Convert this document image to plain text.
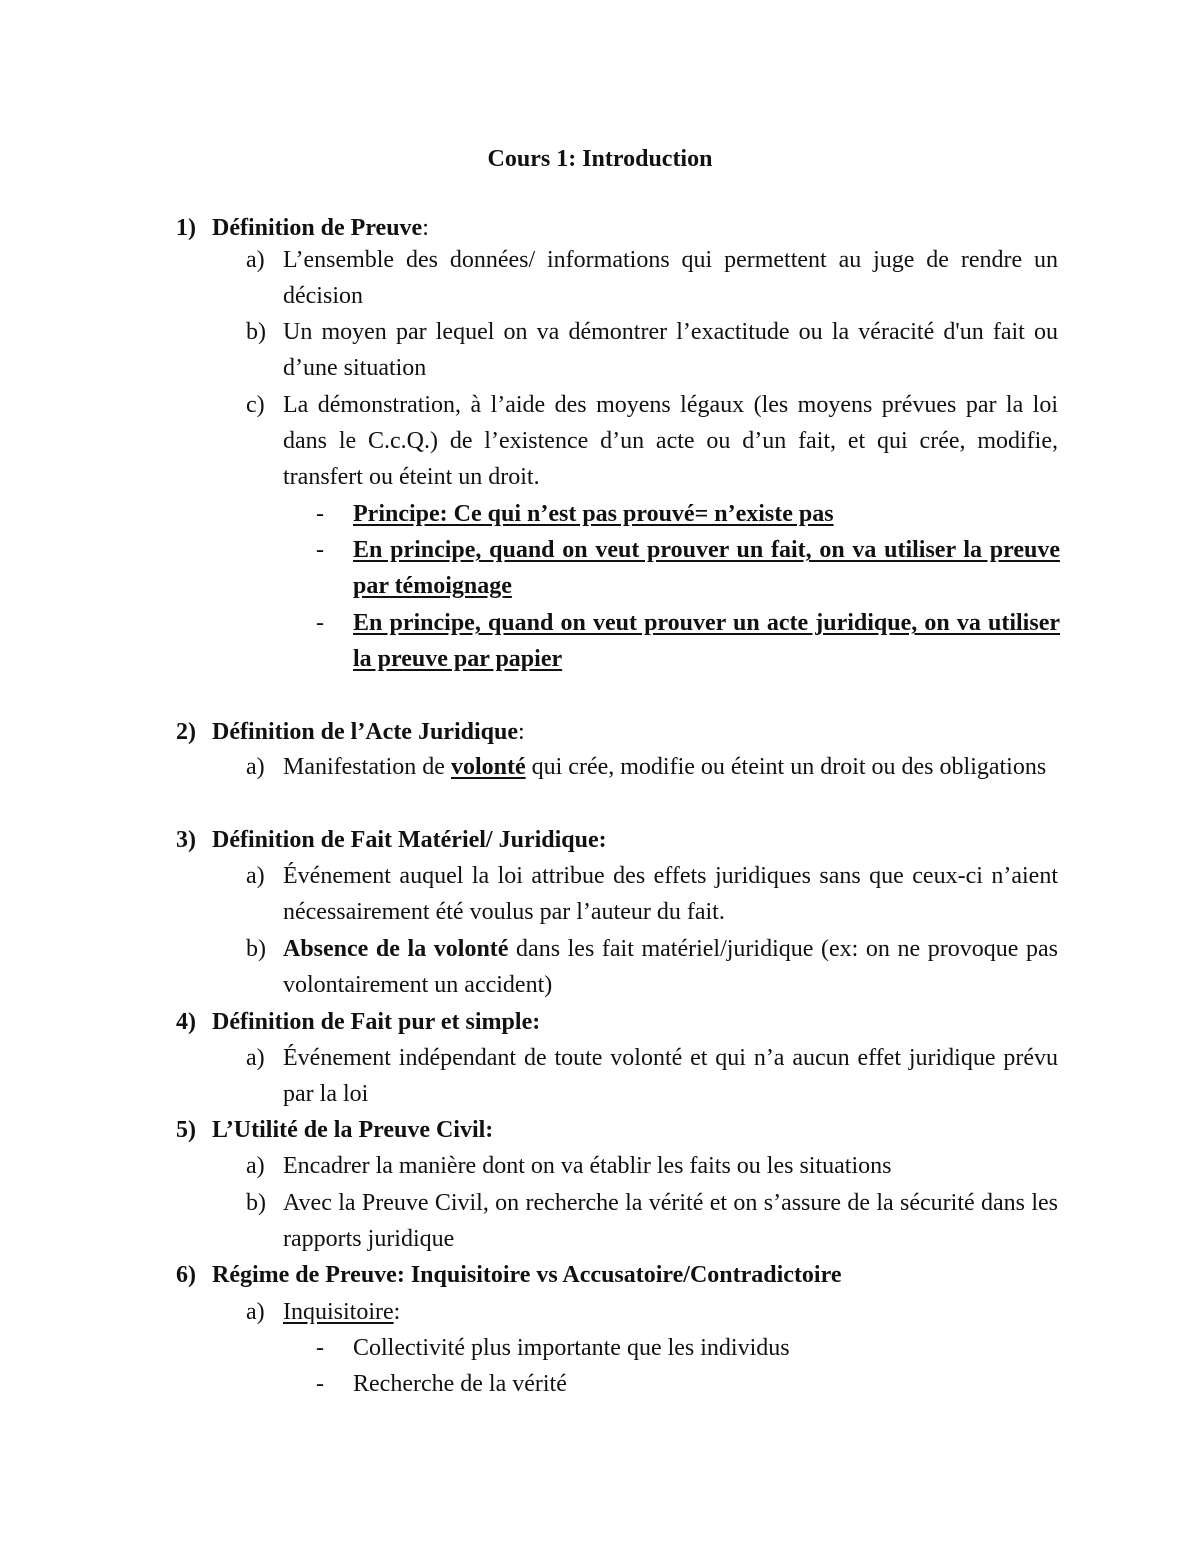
Cours 1: Introduction
1) Définition de Preuve:
a) L’ensemble des données/ informations qui permettent au juge de rendre un décision
b) Un moyen par lequel on va démontrer l’exactitude ou la véracité d'un fait ou d’une situation
c) La démonstration, à l’aide des moyens légaux (les moyens prévues par la loi dans le C.c.Q.) de l’existence d’un acte ou d’un fait, et qui crée, modifie, transfert ou éteint un droit.
-	Principe: Ce qui n’est pas prouvé= n’existe pas
-	En principe, quand on veut prouver un fait, on va utiliser la preuve par témoignage
-	En principe, quand on veut prouver un acte juridique, on va utiliser la preuve par papier
2) Définition de l’Acte Juridique:
a) Manifestation de volonté qui crée, modifie ou éteint un droit ou des obligations
3) Définition de Fait Matériel/ Juridique:
a) Événement auquel la loi attribue des effets juridiques sans que ceux-ci n’aient nécessairement été voulus par l’auteur du fait.
b) Absence de la volonté dans les fait matériel/juridique (ex: on ne provoque pas volontairement un accident)
4) Définition de Fait pur et simple:
a) Événement indépendant de toute volonté et qui n’a aucun effet juridique prévu par la loi
5) L’Utilité de la Preuve Civil:
a) Encadrer la manière dont on va établir les faits ou les situations
b) Avec la Preuve Civil, on recherche la vérité et on s’assure de la sécurité dans les rapports juridique
6) Régime de Preuve: Inquisitoire vs Accusatoire/Contradictoire
a) Inquisitoire:
-	Collectivité plus importante que les individus
-	Recherche de la vérité
